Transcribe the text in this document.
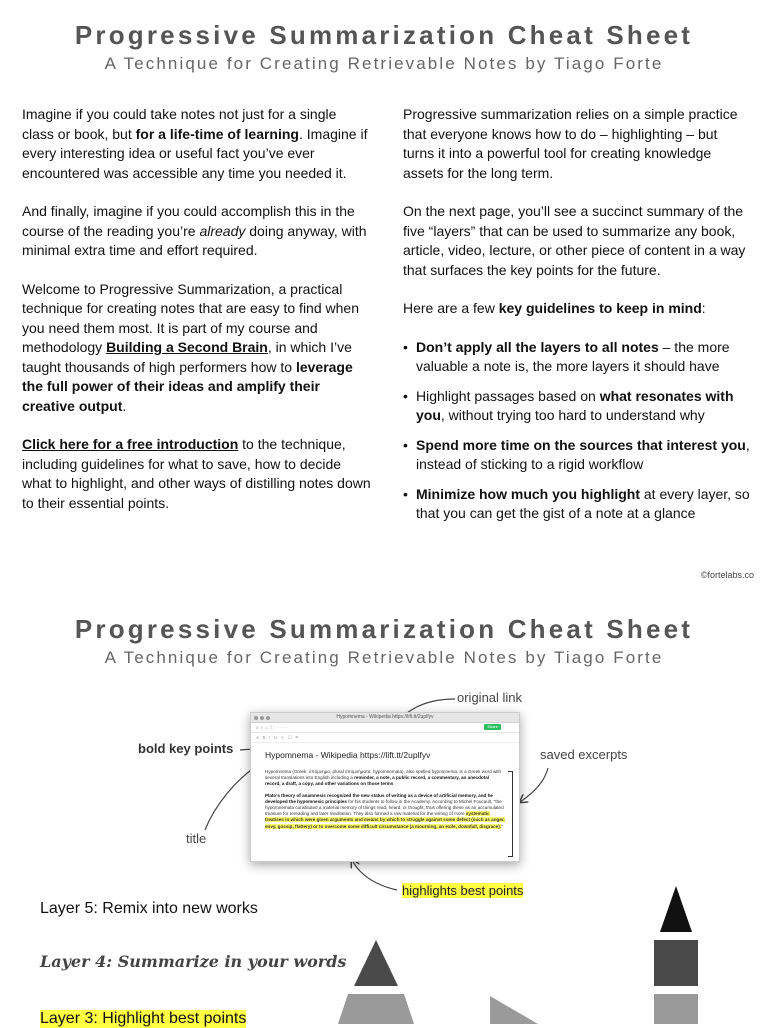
Progressive Summarization Cheat Sheet
A Technique for Creating Retrievable Notes by Tiago Forte

Imagine if you could take notes not just for a single class or book, but for a life-time of learning. Imagine if every interesting idea or useful fact you’ve ever encountered was accessible any time you needed it.

And finally, imagine if you could accomplish this in the course of the reading you’re already doing anyway, with minimal extra time and effort required.

Welcome to Progressive Summarization, a practical technique for creating notes that are easy to find when you need them most. It is part of my course and methodology Building a Second Brain, in which I’ve taught thousands of high performers how to leverage the full power of their ideas and amplify their creative output.

Click here for a free introduction to the technique, including guidelines for what to save, how to decide what to highlight, and other ways of distilling notes down to their essential points.

Progressive summarization relies on a simple practice that everyone knows how to do – highlighting – but turns it into a powerful tool for creating knowledge assets for the long term.

On the next page, you’ll see a succinct summary of the five “layers” that can be used to summarize any book, article, video, lecture, or other piece of content in a way that surfaces the key points for the future.

Here are a few key guidelines to keep in mind:

• Don’t apply all the layers to all notes – the more valuable a note is, the more layers it should have
• Highlight passages based on what resonates with you, without trying too hard to understand why
• Spend more time on the sources that interest you, instead of sticking to a rigid workflow
• Minimize how much you highlight at every layer, so that you can get the gist of a note at a glance
©fortelabs.co
Progressive Summarization Cheat Sheet
A Technique for Creating Retrievable Notes by Tiago Forte
original link
bold key points	saved excerpts
title
highlights best points
Hypomnema - Wikipedia https://lift.tt/2uplfyv
≡ ☆ ⌂ ⓘ   · · · ·	Share
A   B   I   U   ≡   ☐   ⌗
Hypomnema - Wikipedia https://lift.tt/2uplfyv
Hypomnema (Greek: ὑπόμνημα, plural ὑπομνήματα, hypomnemata), also spelled hypomnema, is a Greek word with several translations into English including a reminder, a note, a public record, a commentary, an anecdotal record, a draft, a copy, and other variations on those terms
Plato's theory of anamnesis recognized the new status of writing as a device of artificial memory, and he developed the hypomnesic principles for his students to follow in the Academy. According to Michel Foucault, "the hypomnemata constituted a material memory of things read, heard, or thought, thus offering these as an accumulated treasure for rereading and later meditation. They also formed a raw material for the writing of more systematic treatises in which were given arguments and means by which to struggle against some defect (such as anger, envy, gossip, flattery) or to overcome some difficult circumstance (a mourning, an exile, downfall, disgrace)."
Layer 5: Remix into new works
Layer 4: Summarize in your words
Layer 3: Highlight best points
